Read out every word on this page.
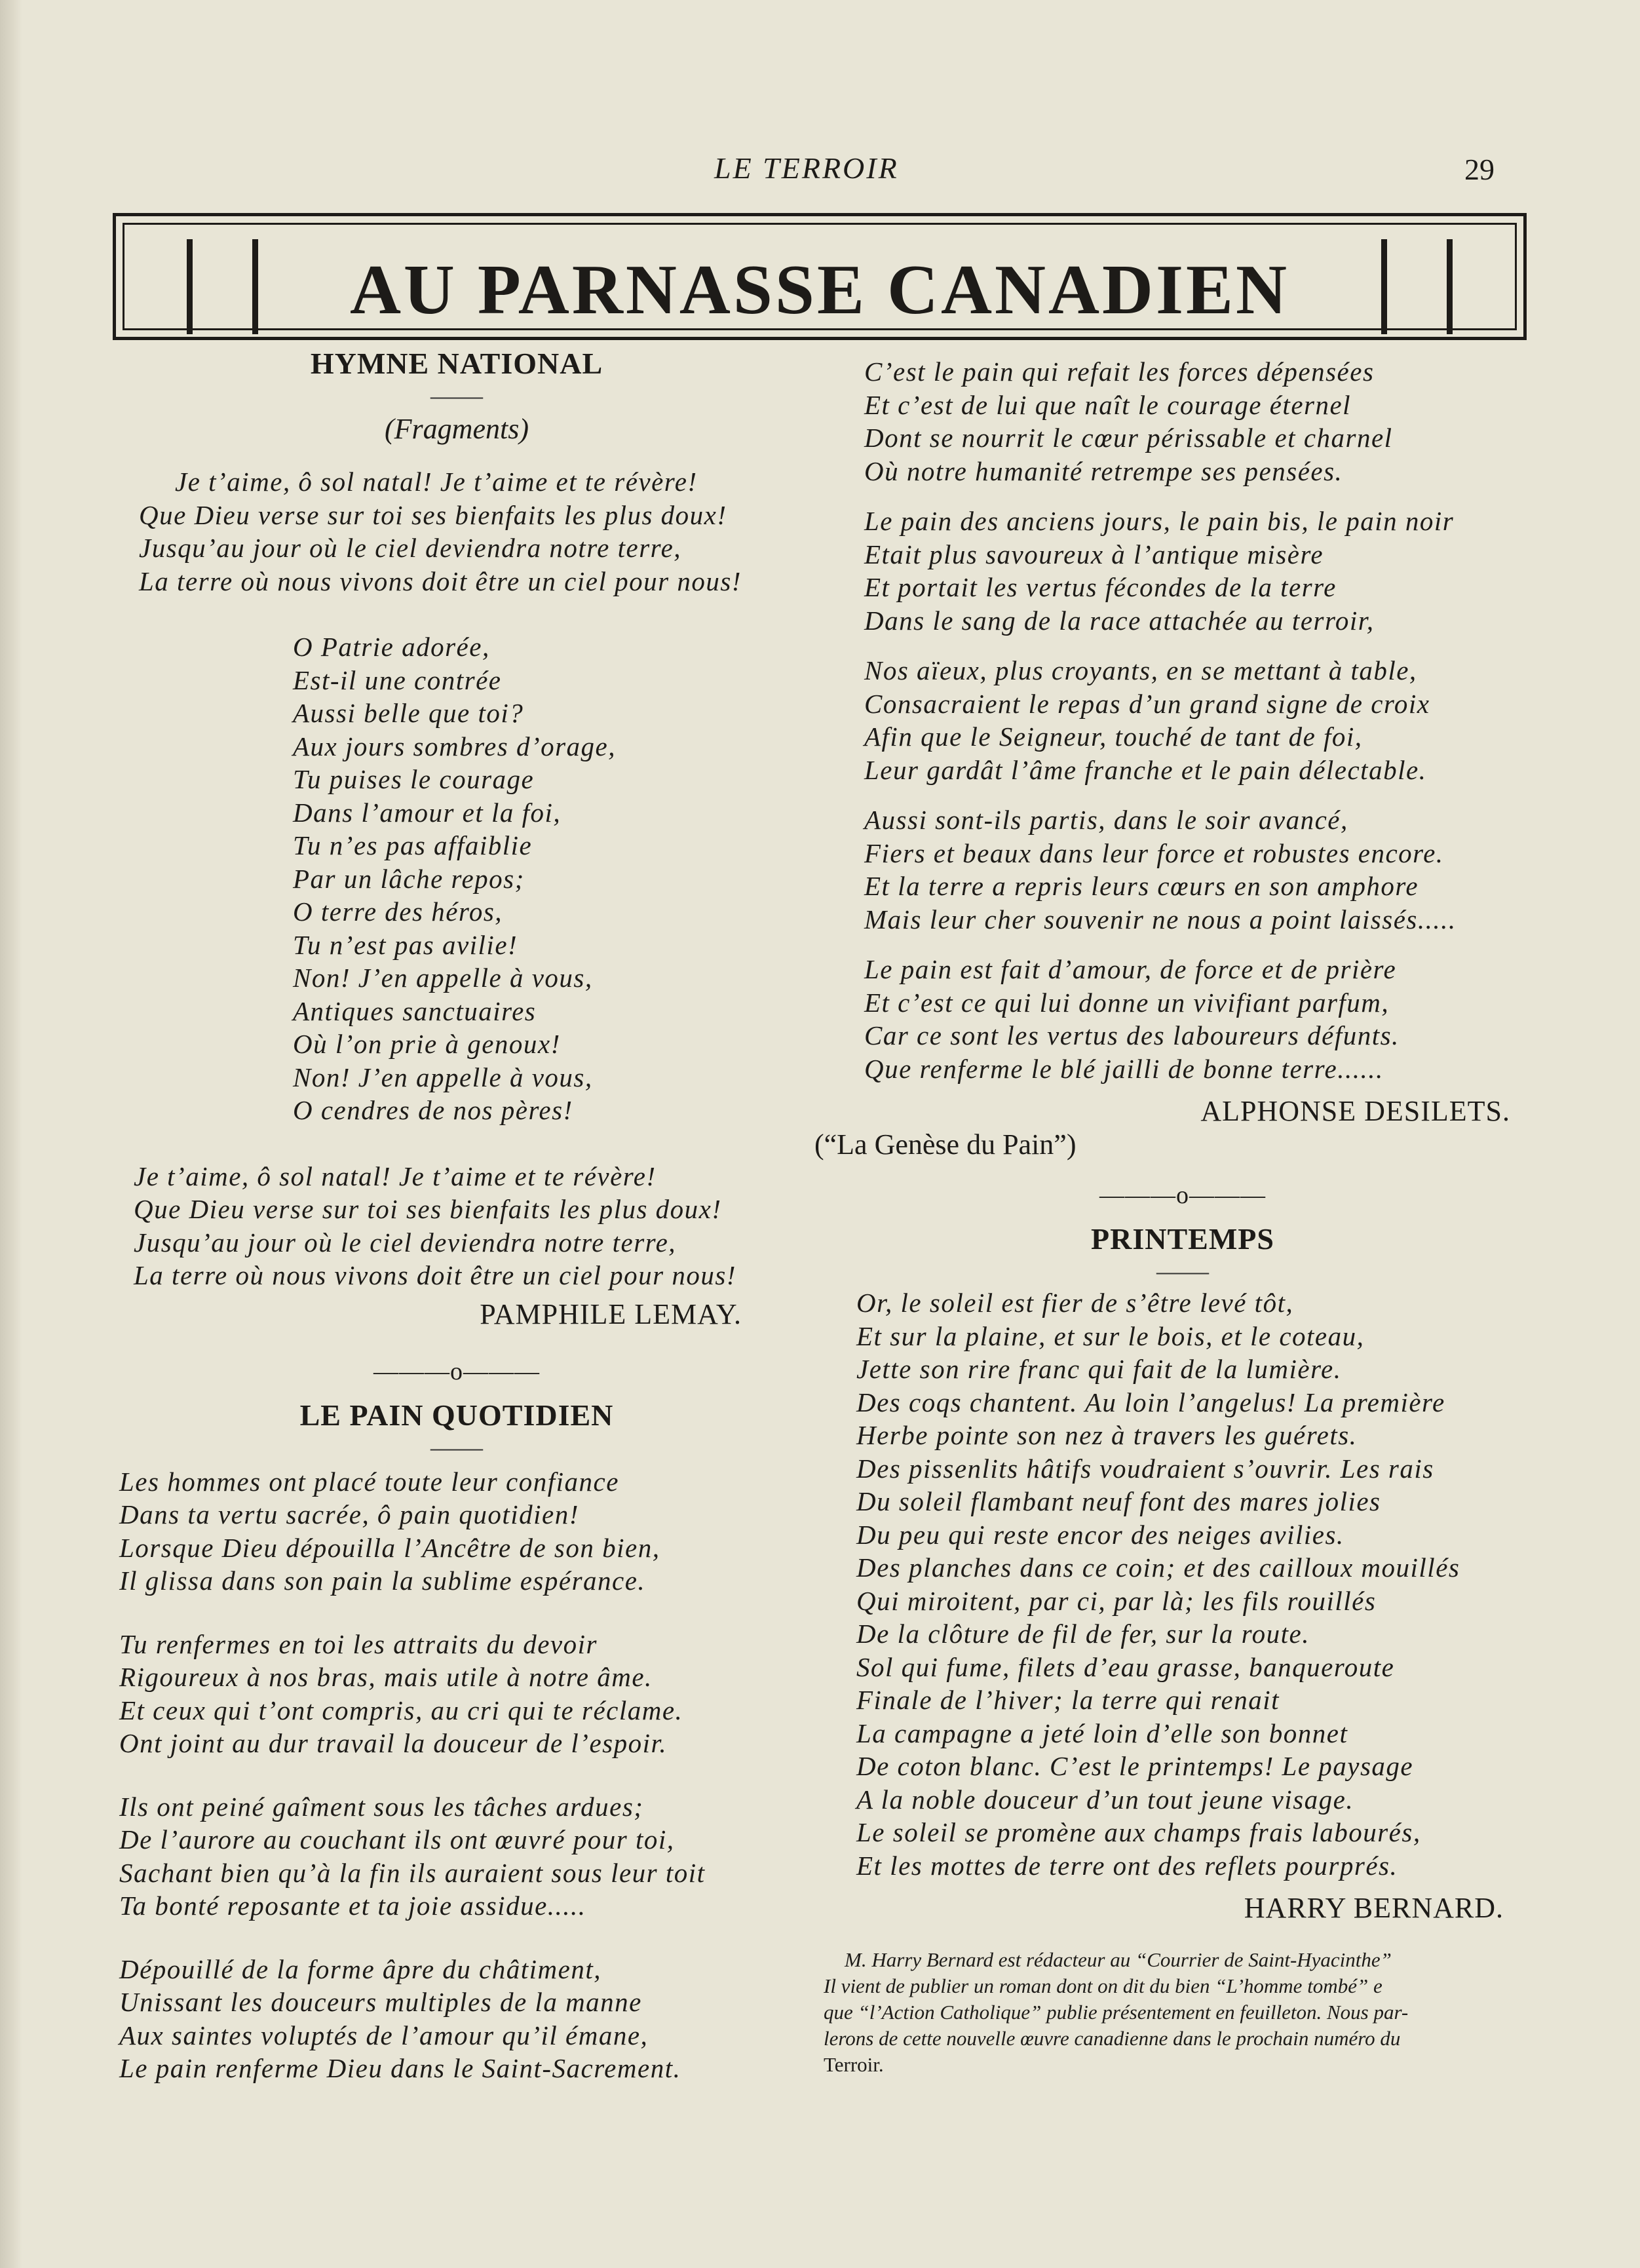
LE TERROIR	29
AU PARNASSE CANADIEN
HYMNE NATIONAL
——
(Fragments)
Je t’aime, ô sol natal! Je t’aime et te révère!
Que Dieu verse sur toi ses bienfaits les plus doux!
Jusqu’au jour où le ciel deviendra notre terre,
La terre où nous vivons doit être un ciel pour nous!
O Patrie adorée,
Est-il une contrée
Aussi belle que toi?
Aux jours sombres d’orage,
Tu puises le courage
Dans l’amour et la foi,
Tu n’es pas affaiblie
Par un lâche repos;
O terre des héros,
Tu n’est pas avilie!
Non! J’en appelle à vous,
Antiques sanctuaires
Où l’on prie à genoux!
Non! J’en appelle à vous,
O cendres de nos pères!
Je t’aime, ô sol natal! Je t’aime et te révère!
Que Dieu verse sur toi ses bienfaits les plus doux!
Jusqu’au jour où le ciel deviendra notre terre,
La terre où nous vivons doit être un ciel pour nous!
PAMPHILE LEMAY.
———o———
LE PAIN QUOTIDIEN
——
Les hommes ont placé toute leur confiance
Dans ta vertu sacrée, ô pain quotidien!
Lorsque Dieu dépouilla l’Ancêtre de son bien,
Il glissa dans son pain la sublime espérance.
Tu renfermes en toi les attraits du devoir
Rigoureux à nos bras, mais utile à notre âme.
Et ceux qui t’ont compris, au cri qui te réclame.
Ont joint au dur travail la douceur de l’espoir.
Ils ont peiné gaîment sous les tâches ardues;
De l’aurore au couchant ils ont œuvré pour toi,
Sachant bien qu’à la fin ils auraient sous leur toit
Ta bonté reposante et ta joie assidue.....
Dépouillé de la forme âpre du châtiment,
Unissant les douceurs multiples de la manne
Aux saintes voluptés de l’amour qu’il émane,
Le pain renferme Dieu dans le Saint-Sacrement.
C’est le pain qui refait les forces dépensées
Et c’est de lui que naît le courage éternel
Dont se nourrit le cœur périssable et charnel
Où notre humanité retrempe ses pensées.
Le pain des anciens jours, le pain bis, le pain noir
Etait plus savoureux à l’antique misère
Et portait les vertus fécondes de la terre
Dans le sang de la race attachée au terroir,
Nos aïeux, plus croyants, en se mettant à table,
Consacraient le repas d’un grand signe de croix
Afin que le Seigneur, touché de tant de foi,
Leur gardât l’âme franche et le pain délectable.
Aussi sont-ils partis, dans le soir avancé,
Fiers et beaux dans leur force et robustes encore.
Et la terre a repris leurs cœurs en son amphore
Mais leur cher souvenir ne nous a point laissés.....
Le pain est fait d’amour, de force et de prière
Et c’est ce qui lui donne un vivifiant parfum,
Car ce sont les vertus des laboureurs défunts.
Que renferme le blé jailli de bonne terre......
ALPHONSE DESILETS.
(“La Genèse du Pain”)
———o———
PRINTEMPS
——
Or, le soleil est fier de s’être levé tôt,
Et sur la plaine, et sur le bois, et le coteau,
Jette son rire franc qui fait de la lumière.
Des coqs chantent. Au loin l’angelus! La première
Herbe pointe son nez à travers les guérets.
Des pissenlits hâtifs voudraient s’ouvrir. Les rais
Du soleil flambant neuf font des mares jolies
Du peu qui reste encor des neiges avilies.
Des planches dans ce coin; et des cailloux mouillés
Qui miroitent, par ci, par là; les fils rouillés
De la clôture de fil de fer, sur la route.
Sol qui fume, filets d’eau grasse, banqueroute
Finale de l’hiver; la terre qui renait
La campagne a jeté loin d’elle son bonnet
De coton blanc. C’est le printemps! Le paysage
A la noble douceur d’un tout jeune visage.
Le soleil se promène aux champs frais labourés,
Et les mottes de terre ont des reflets pourprés.
HARRY BERNARD.
M. Harry Bernard est rédacteur au “Courrier de Saint-Hyacinthe”
Il vient de publier un roman dont on dit du bien “L’homme tombé” e
que “l’Action Catholique” publie présentement en feuilleton. Nous par-
lerons de cette nouvelle œuvre canadienne dans le prochain numéro du
Terroir.
